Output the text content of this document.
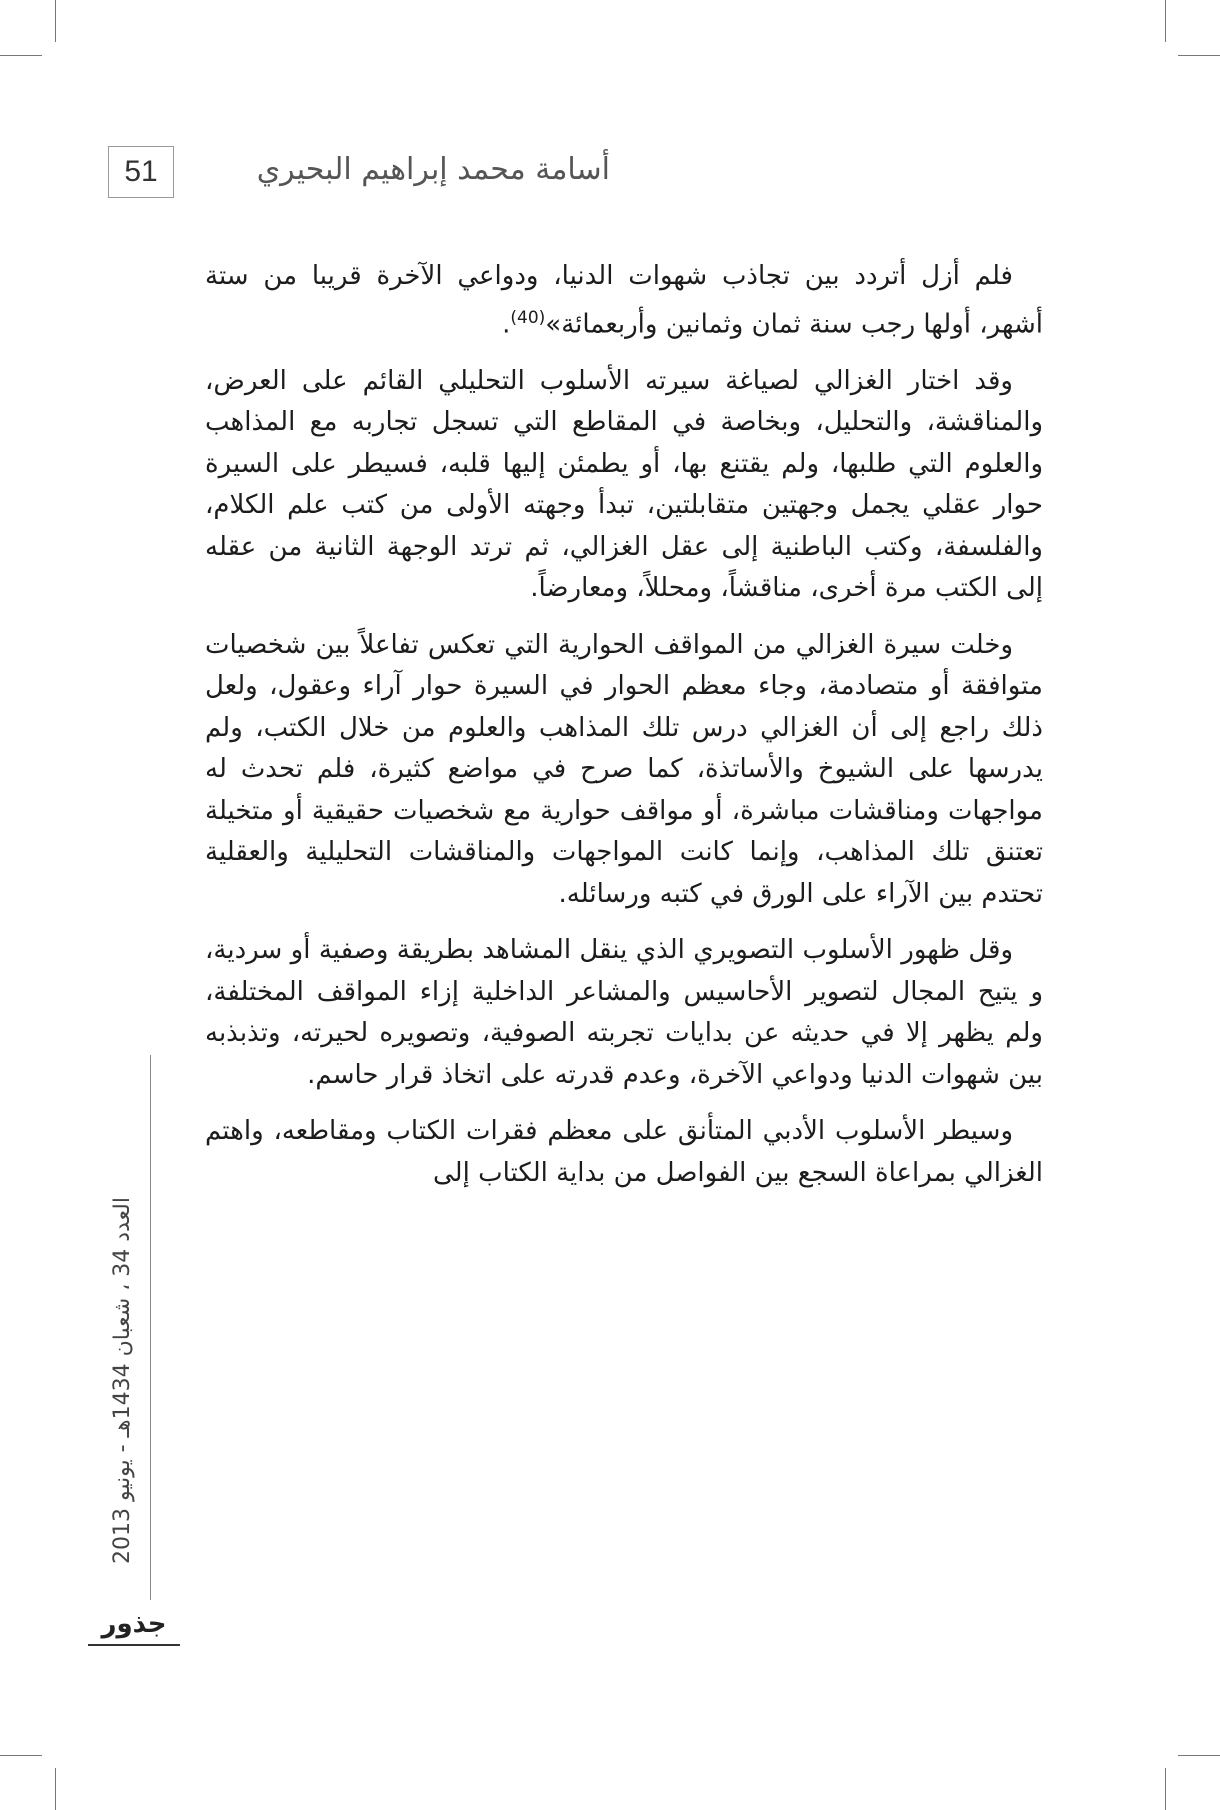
51	أسامة محمد إبراهيم البحيري

فلم أزل أتردد بين تجاذب شهوات الدنيا، ودواعي الآخرة قريبا من ستة أشهر، أولها رجب سنة ثمان وثمانين وأربعمائة»$^{(40)}$.

وقد اختار الغزالي لصياغة سيرته الأسلوب التحليلي القائم على العرض، والمناقشة، والتحليل، وبخاصة في المقاطع التي تسجل تجاربه مع المذاهب والعلوم التي طلبها، ولم يقتنع بها، أو يطمئن إليها قلبه، فسيطر على السيرة حوار عقلي يجمل وجهتين متقابلتين، تبدأ وجهته الأولى من كتب علم الكلام، والفلسفة، وكتب الباطنية إلى عقل الغزالي، ثم ترتد الوجهة الثانية من عقله إلى الكتب مرة أخرى، مناقشاً، ومحللاً، ومعارضاً.

وخلت سيرة الغزالي من المواقف الحوارية التي تعكس تفاعلاً بين شخصيات متوافقة أو متصادمة، وجاء معظم الحوار في السيرة حوار آراء وعقول، ولعل ذلك راجع إلى أن الغزالي درس تلك المذاهب والعلوم من خلال الكتب، ولم يدرسها على الشيوخ والأساتذة، كما صرح في مواضع كثيرة، فلم تحدث له مواجهات ومناقشات مباشرة، أو مواقف حوارية مع شخصيات حقيقية أو متخيلة تعتنق تلك المذاهب، وإنما كانت المواجهات والمناقشات التحليلية والعقلية تحتدم بين الآراء على الورق في كتبه ورسائله.

وقل ظهور الأسلوب التصويري الذي ينقل المشاهد بطريقة وصفية أو سردية، و يتيح المجال لتصوير الأحاسيس والمشاعر الداخلية إزاء المواقف المختلفة، ولم يظهر إلا في حديثه عن بدايات تجربته الصوفية، وتصويره لحيرته، وتذبذبه بين شهوات الدنيا ودواعي الآخرة، وعدم قدرته على اتخاذ قرار حاسم.

وسيطر الأسلوب الأدبي المتأنق على معظم فقرات الكتاب ومقاطعه، واهتم الغزالي بمراعاة السجع بين الفواصل من بداية الكتاب إلى

العدد 34 ، شعبان 1434هـ - يونيو 2013
جذور
